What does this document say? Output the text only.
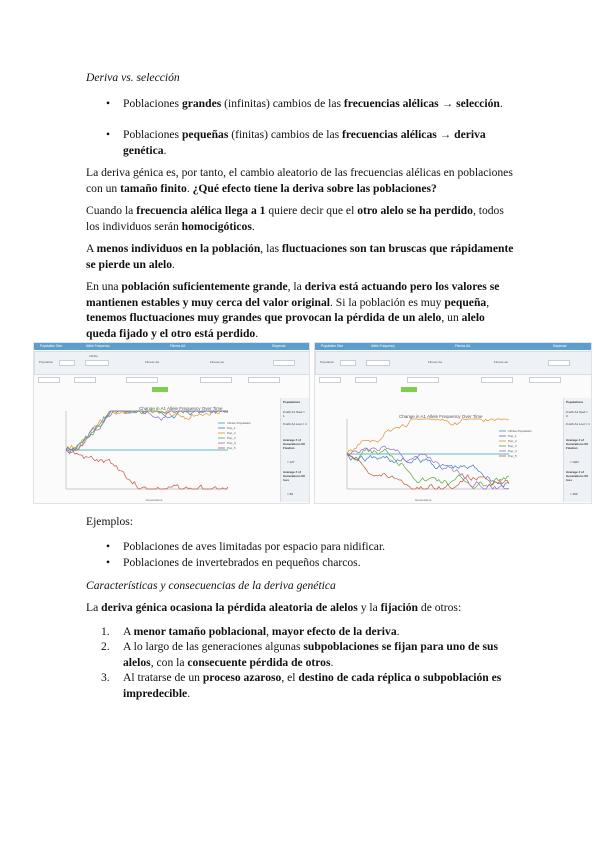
Deriva vs. selección
• Poblaciones grandes (infinitas) cambios de las frecuencias alélicas → selección.
• Poblaciones pequeñas (finitas) cambios de las frecuencias alélicas → deriva genética.
La deriva génica es, por tanto, el cambio aleatorio de las frecuencias alélicas en poblaciones con un tamaño finito. ¿Qué efecto tiene la deriva sobre las poblaciones?
Cuando la frecuencia alélica llega a 1 quiere decir que el otro alelo se ha perdido, todos los individuos serán homocigóticos.
A menos individuos en la población, las fluctuaciones son tan bruscas que rápidamente se pierde un alelo.
En una población suficientemente grande, la deriva está actuando pero los valores se mantienen estables y muy cerca del valor original. Si la población es muy pequeña, tenemos fluctuaciones muy grandes que provocan la pérdida de un alelo, un alelo queda fijado y el otro está perdido.
Population Size	Allele Frequency	Fitness AA	Dispersal
Population
Infinite
Fitness Aa	Fitness aa
Change in A1 Allele Frequency Over Time
Infinite Population
Pop_1
Pop_2
Pop_3
Pop_4
Pop_5
Generations
Populations
# with A1 fixed = 1
# with A1 Lost = 4
Average # of Generations till Fixation
= 127
Average # of Generations till loss
= 80
Population Size	Allele Frequency	Fitness AA	Dispersal
Population	Fitness Aa	Fitness aa
Change in A1 Allele Frequency Over Time
Infinite Population
Pop_1
Pop_2
Pop_3
Pop_4
Pop_5
Generations
Populations
# with A1 fixed = 0
# with A1 Lost = 1
Average # of Generations till Fixation
= NaN
Average # of Generations till loss
= 266
Ejemplos:
• Poblaciones de aves limitadas por espacio para nidificar.
• Poblaciones de invertebrados en pequeños charcos.
Características y consecuencias de la deriva genética
La deriva génica ocasiona la pérdida aleatoria de alelos y la fijación de otros:
1. A menor tamaño poblacional, mayor efecto de la deriva.
2. A lo largo de las generaciones algunas subpoblaciones se fijan para uno de sus alelos, con la consecuente pérdida de otros.
3. Al tratarse de un proceso azaroso, el destino de cada réplica o subpoblación es impredecible.
